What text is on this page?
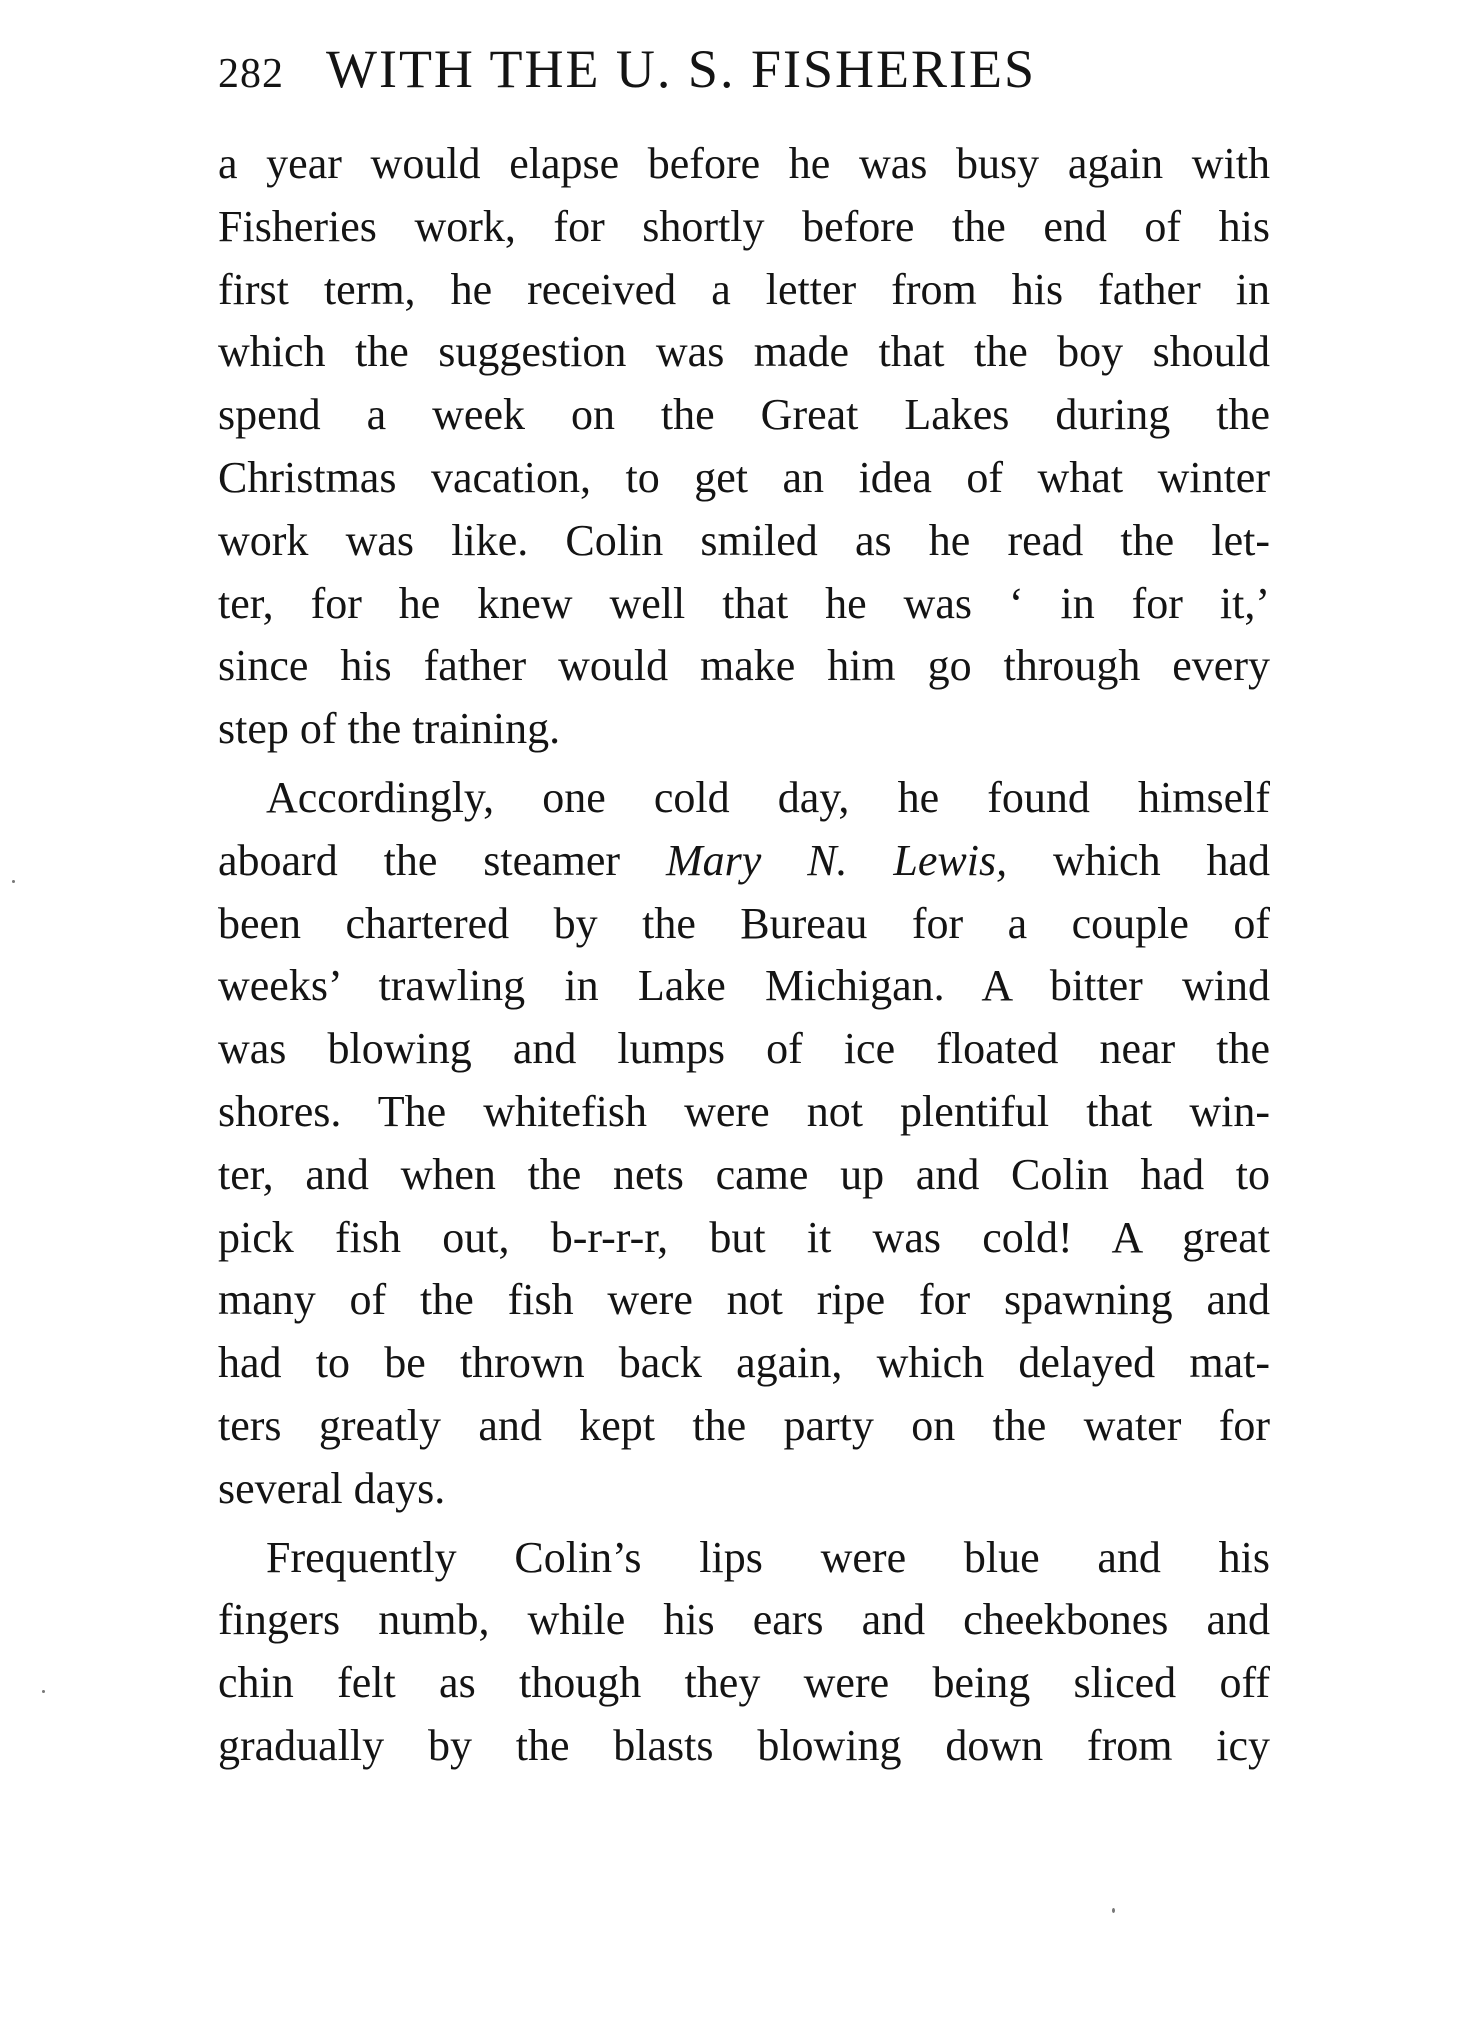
282 WITH THE U. S. FISHERIES
a year would elapse before he was busy again with
Fisheries work, for shortly before the end of his
first term, he received a letter from his father in
which the suggestion was made that the boy should
spend a week on the Great Lakes during the
Christmas vacation, to get an idea of what winter
work was like. Colin smiled as he read the let-
ter, for he knew well that he was ‘ in for it,’
since his father would make him go through every
step of the training.
Accordingly, one cold day, he found himself
aboard the steamer Mary N. Lewis, which had
been chartered by the Bureau for a couple of
weeks’ trawling in Lake Michigan. A bitter wind
was blowing and lumps of ice floated near the
shores. The whitefish were not plentiful that win-
ter, and when the nets came up and Colin had to
pick fish out, b-r-r-r, but it was cold! A great
many of the fish were not ripe for spawning and
had to be thrown back again, which delayed mat-
ters greatly and kept the party on the water for
several days.
Frequently Colin’s lips were blue and his
fingers numb, while his ears and cheekbones and
chin felt as though they were being sliced off
gradually by the blasts blowing down from icy
